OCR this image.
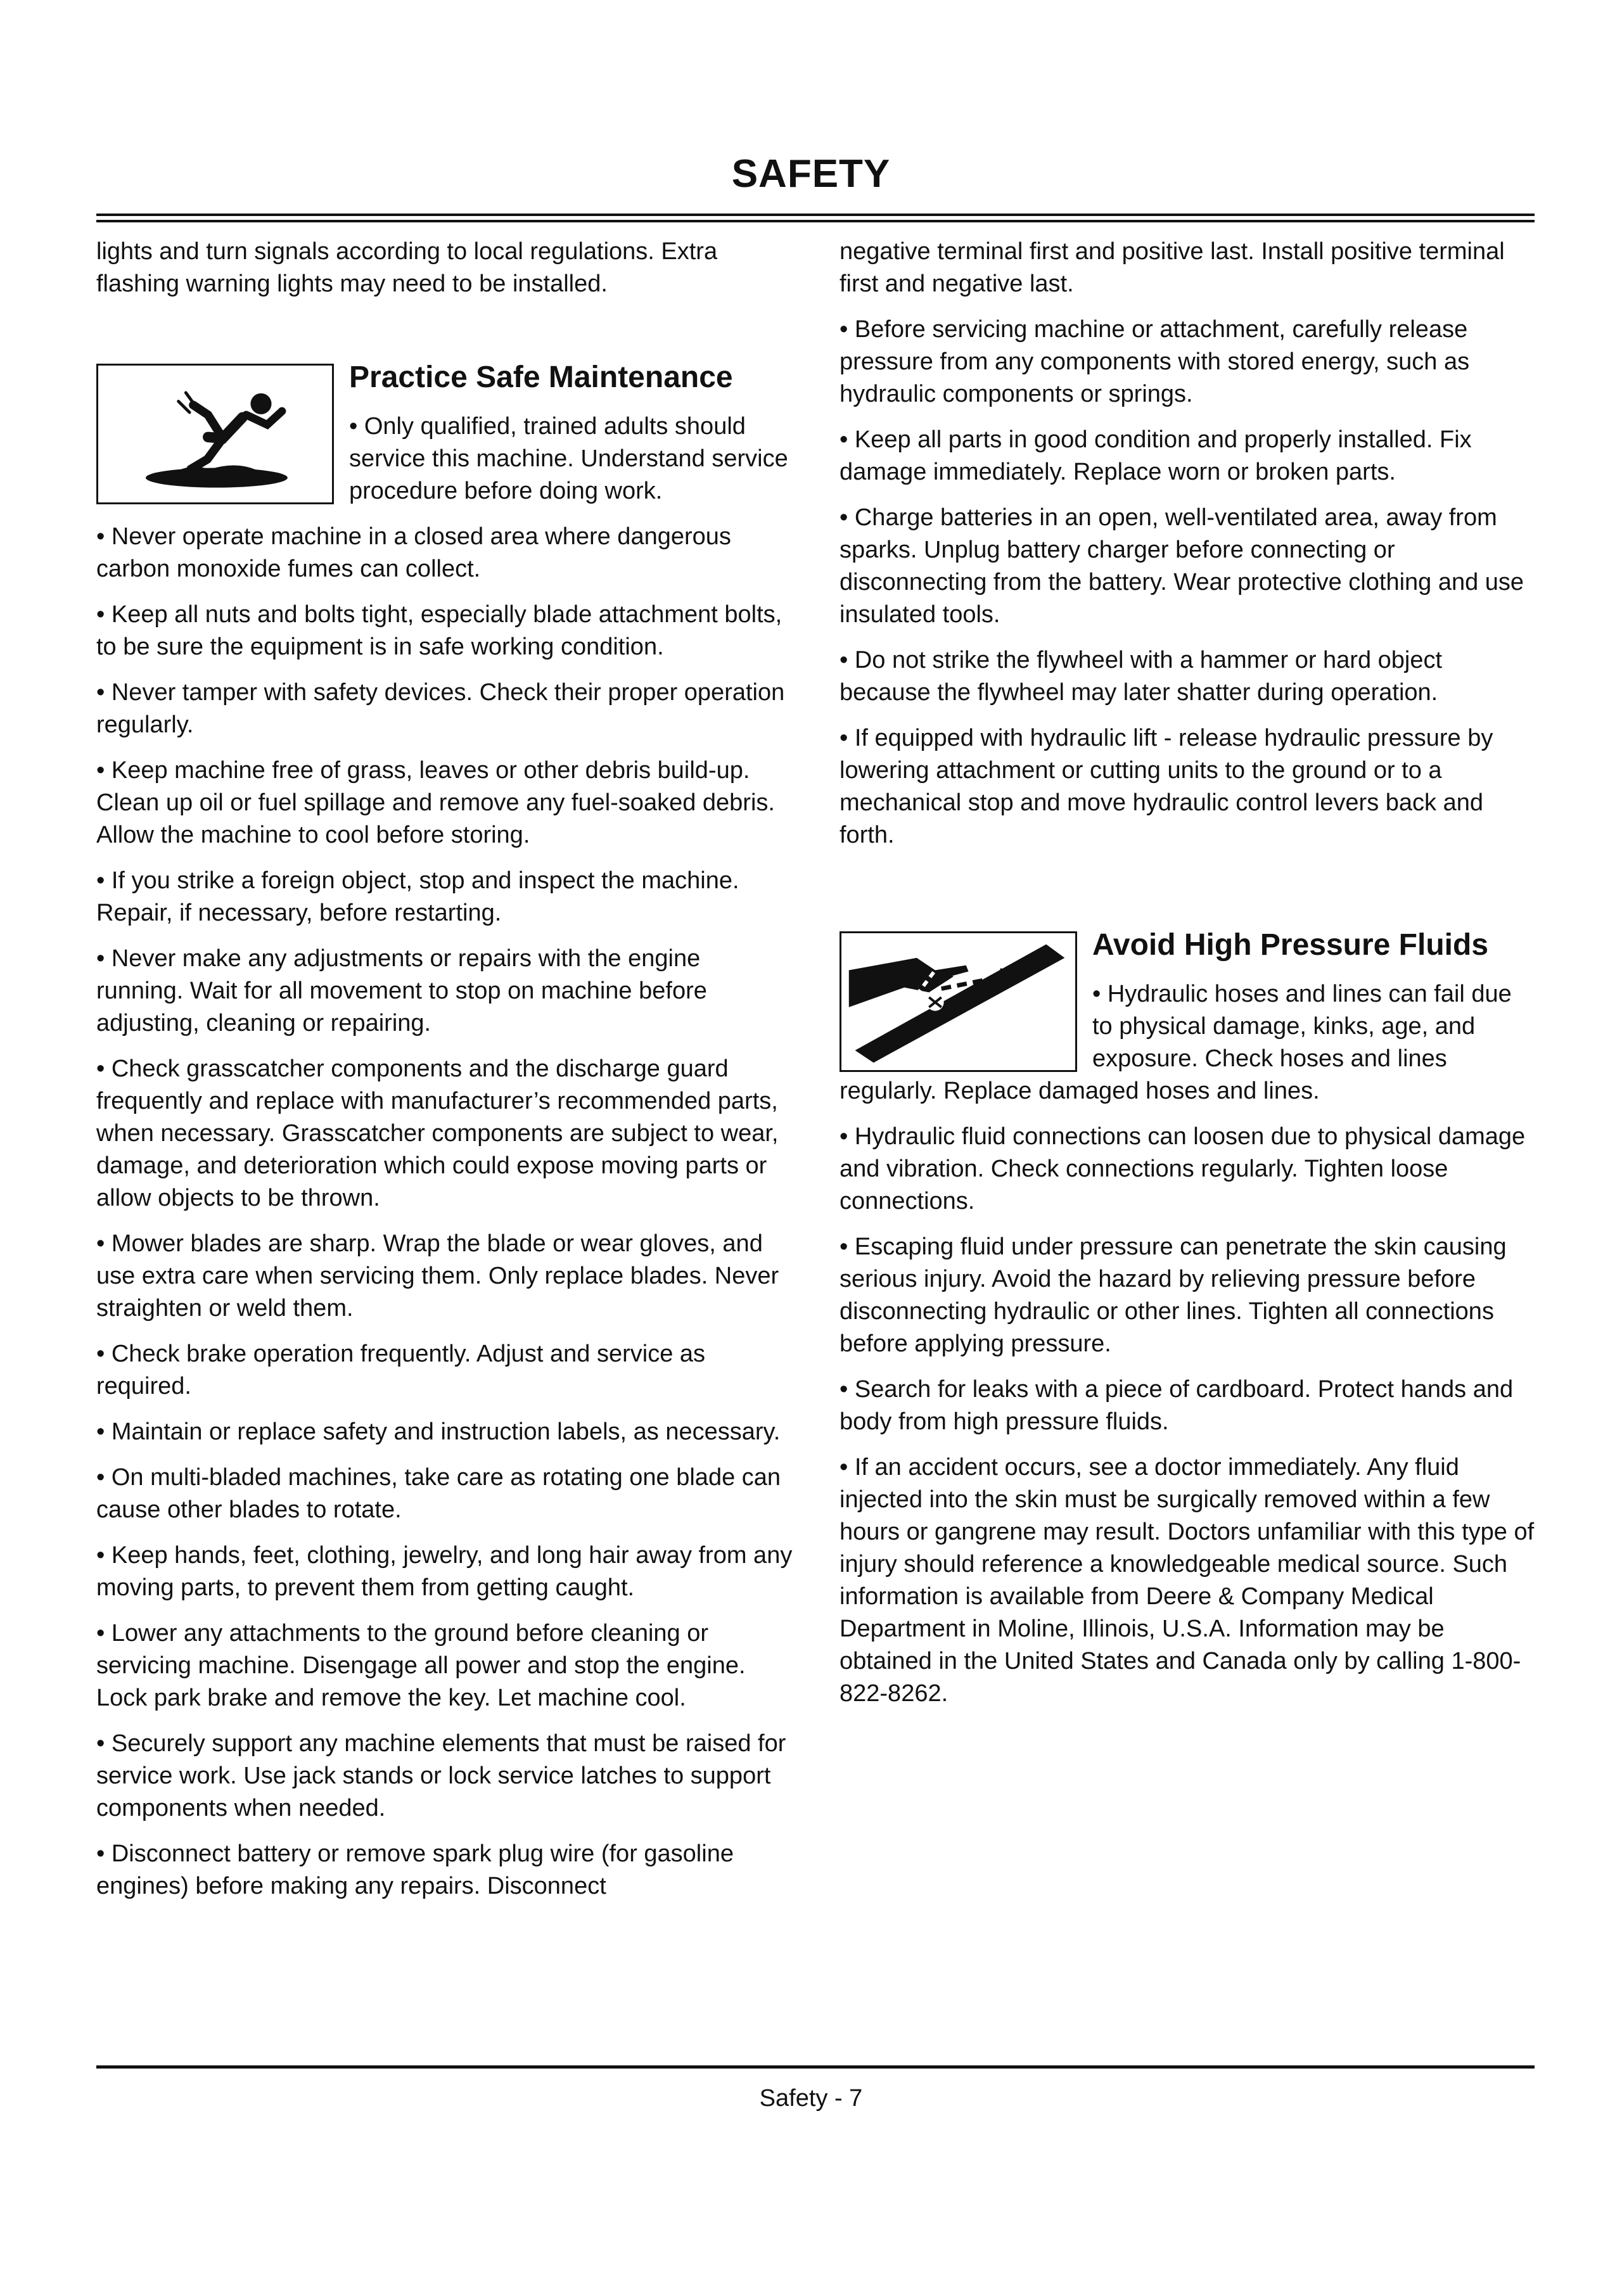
SAFETY

lights and turn signals according to local regulations. Extra flashing warning lights may need to be installed.

Practice Safe Maintenance

• Only qualified, trained adults should service this machine. Understand service procedure before doing work.

• Never operate machine in a closed area where dangerous carbon monoxide fumes can collect.

• Keep all nuts and bolts tight, especially blade attachment bolts, to be sure the equipment is in safe working condition.

• Never tamper with safety devices. Check their proper operation regularly.

• Keep machine free of grass, leaves or other debris build-up. Clean up oil or fuel spillage and remove any fuel-soaked debris. Allow the machine to cool before storing.

• If you strike a foreign object, stop and inspect the machine. Repair, if necessary, before restarting.

• Never make any adjustments or repairs with the engine running. Wait for all movement to stop on machine before adjusting, cleaning or repairing.

• Check grasscatcher components and the discharge guard frequently and replace with manufacturer’s recommended parts, when necessary. Grasscatcher components are subject to wear, damage, and deterioration which could expose moving parts or allow objects to be thrown.

• Mower blades are sharp. Wrap the blade or wear gloves, and use extra care when servicing them. Only replace blades. Never straighten or weld them.

• Check brake operation frequently. Adjust and service as required.

• Maintain or replace safety and instruction labels, as necessary.

• On multi-bladed machines, take care as rotating one blade can cause other blades to rotate.

• Keep hands, feet, clothing, jewelry, and long hair away from any moving parts, to prevent them from getting caught.

• Lower any attachments to the ground before cleaning or servicing machine. Disengage all power and stop the engine. Lock park brake and remove the key. Let machine cool.

• Securely support any machine elements that must be raised for service work. Use jack stands or lock service latches to support components when needed.

• Disconnect battery or remove spark plug wire (for gasoline engines) before making any repairs. Disconnect

negative terminal first and positive last. Install positive terminal first and negative last.

• Before servicing machine or attachment, carefully release pressure from any components with stored energy, such as hydraulic components or springs.

• Keep all parts in good condition and properly installed. Fix damage immediately. Replace worn or broken parts.

• Charge batteries in an open, well-ventilated area, away from sparks. Unplug battery charger before connecting or disconnecting from the battery. Wear protective clothing and use insulated tools.

• Do not strike the flywheel with a hammer or hard object because the flywheel may later shatter during operation.

• If equipped with hydraulic lift - release hydraulic pressure by lowering attachment or cutting units to the ground or to a mechanical stop and move hydraulic control levers back and forth.

Avoid High Pressure Fluids

• Hydraulic hoses and lines can fail due to physical damage, kinks, age, and exposure. Check hoses and lines regularly. Replace damaged hoses and lines.

• Hydraulic fluid connections can loosen due to physical damage and vibration. Check connections regularly. Tighten loose connections.

• Escaping fluid under pressure can penetrate the skin causing serious injury. Avoid the hazard by relieving pressure before disconnecting hydraulic or other lines. Tighten all connections before applying pressure.

• Search for leaks with a piece of cardboard. Protect hands and body from high pressure fluids.

• If an accident occurs, see a doctor immediately. Any fluid injected into the skin must be surgically removed within a few hours or gangrene may result. Doctors unfamiliar with this type of injury should reference a knowledgeable medical source. Such information is available from Deere & Company Medical Department in Moline, Illinois, U.S.A. Information may be obtained in the United States and Canada only by calling 1-800-822-8262.

Safety - 7
